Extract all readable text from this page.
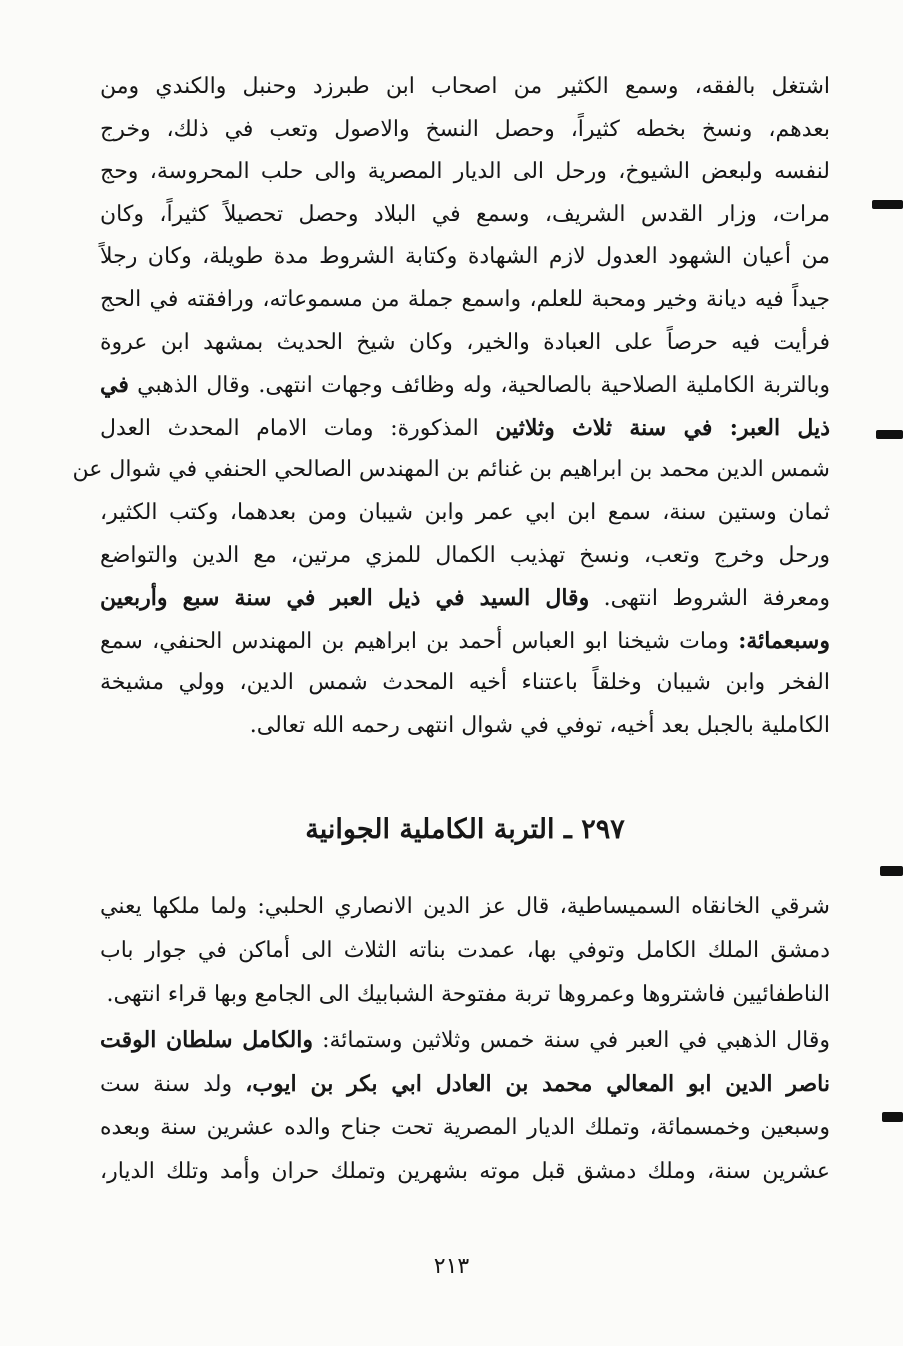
اشتغل بالفقه، وسمع الكثير من اصحاب ابن طبرزد وحنبل والكندي ومن
بعدهم، ونسخ بخطه كثيراً، وحصل النسخ والاصول وتعب في ذلك، وخرج
لنفسه ولبعض الشيوخ، ورحل الى الديار المصرية والى حلب المحروسة، وحج
مرات، وزار القدس الشريف، وسمع في البلاد وحصل تحصيلاً كثيراً، وكان
من أعيان الشهود العدول لازم الشهادة وكتابة الشروط مدة طويلة، وكان رجلاً
جيداً فيه ديانة وخير ومحبة للعلم، واسمع جملة من مسموعاته، ورافقته في الحج
فرأيت فيه حرصاً على العبادة والخير، وكان شيخ الحديث بمشهد ابن عروة
وبالتربة الكاملية الصلاحية بالصالحية، وله وظائف وجهات انتهى. وقال الذهبي في
ذيل العبر: في سنة ثلاث وثلاثين المذكورة: ومات الامام المحدث العدل
شمس الدين محمد بن ابراهيم بن غنائم بن المهندس الصالحي الحنفي في شوال عن
ثمان وستين سنة، سمع ابن ابي عمر وابن شيبان ومن بعدهما، وكتب الكثير،
ورحل وخرج وتعب، ونسخ تهذيب الكمال للمزي مرتين، مع الدين والتواضع
ومعرفة الشروط انتهى. وقال السيد في ذيل العبر في سنة سبع وأربعين
وسبعمائة: ومات شيخنا ابو العباس أحمد بن ابراهيم بن المهندس الحنفي، سمع
الفخر وابن شيبان وخلقاً باعتناء أخيه المحدث شمس الدين، وولي مشيخة
الكاملية بالجبل بعد أخيه، توفي في شوال انتهى رحمه الله تعالى.
٢٩٧ ـ التربة الكاملية الجوانية
شرقي الخانقاه السميساطية، قال عز الدين الانصاري الحلبي: ولما ملكها يعني
دمشق الملك الكامل وتوفي بها، عمدت بناته الثلاث الى أماكن في جوار باب
الناطفائيين فاشتروها وعمروها تربة مفتوحة الشبابيك الى الجامع وبها قراء انتهى.
وقال الذهبي في العبر في سنة خمس وثلاثين وستمائة: والكامل سلطان الوقت
ناصر الدين ابو المعالي محمد بن العادل ابي بكر بن ايوب، ولد سنة ست
وسبعين وخمسمائة، وتملك الديار المصرية تحت جناح والده عشرين سنة وبعده
عشرين سنة، وملك دمشق قبل موته بشهرين وتملك حران وأمد وتلك الديار،
٢١٣
